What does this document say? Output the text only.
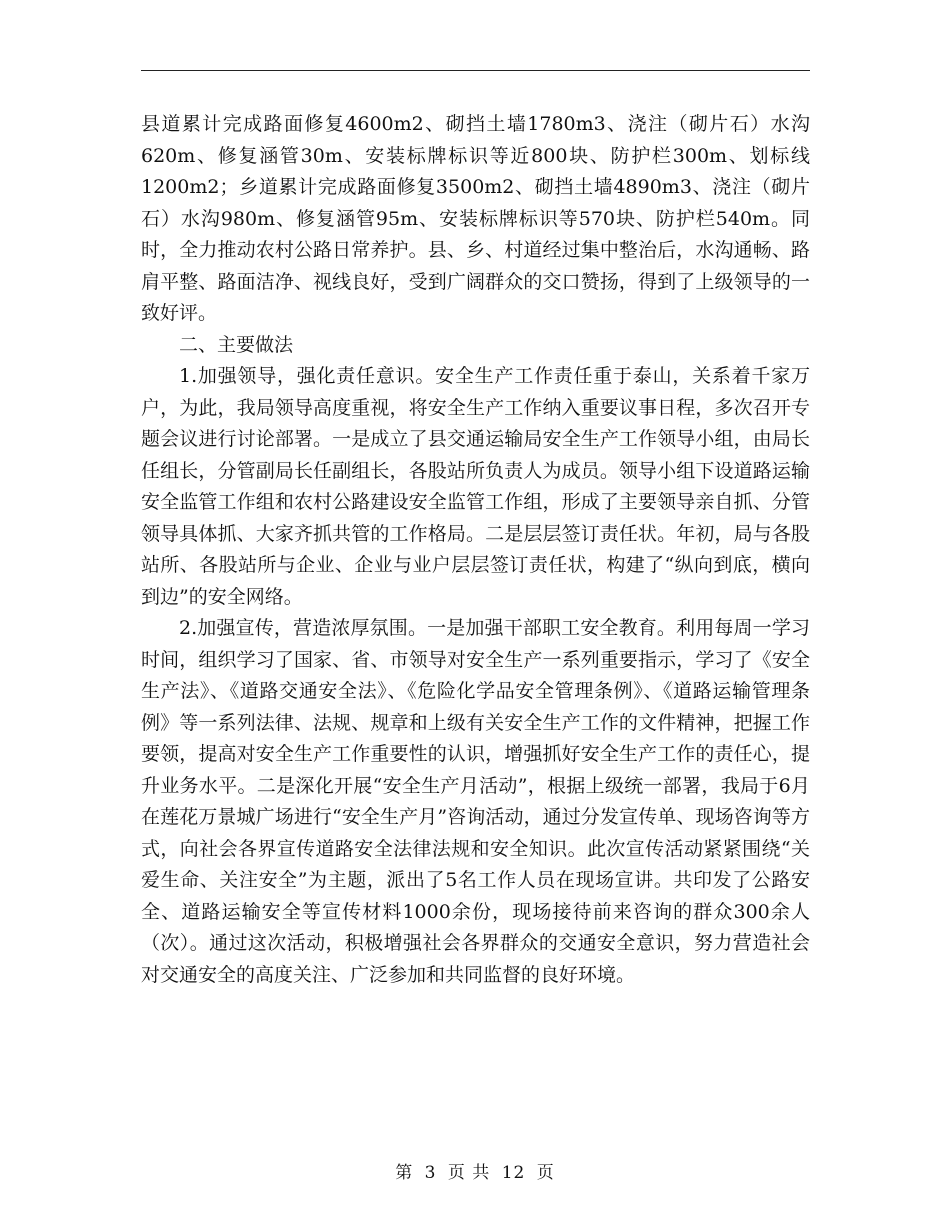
县道累计完成路面修复4600m2、砌挡土墙1780m3、浇注（砌片石）水沟620m、修复涵管30m、安装标牌标识等近800块、防护栏300m、划标线1200m2；乡道累计完成路面修复3500m2、砌挡土墙4890m3、浇注（砌片石）水沟980m、修复涵管95m、安装标牌标识等570块、防护栏540m。同时，全力推动农村公路日常养护。县、乡、村道经过集中整治后，水沟通畅、路肩平整、路面洁净、视线良好，受到广阔群众的交口赞扬，得到了上级领导的一致好评。

二、主要做法

1.加强领导，强化责任意识。安全生产工作责任重于泰山，关系着千家万户，为此，我局领导高度重视，将安全生产工作纳入重要议事日程，多次召开专题会议进行讨论部署。一是成立了县交通运输局安全生产工作领导小组，由局长任组长，分管副局长任副组长，各股站所负责人为成员。领导小组下设道路运输安全监管工作组和农村公路建设安全监管工作组，形成了主要领导亲自抓、分管领导具体抓、大家齐抓共管的工作格局。二是层层签订责任状。年初，局与各股站所、各股站所与企业、企业与业户层层签订责任状，构建了“纵向到底，横向到边”的安全网络。

2.加强宣传，营造浓厚氛围。一是加强干部职工安全教育。利用每周一学习时间，组织学习了国家、省、市领导对安全生产一系列重要指示，学习了《安全生产法》、《道路交通安全法》、《危险化学品安全管理条例》、《道路运输管理条例》等一系列法律、法规、规章和上级有关安全生产工作的文件精神，把握工作要领，提高对安全生产工作重要性的认识，增强抓好安全生产工作的责任心，提升业务水平。二是深化开展“安全生产月活动”，根据上级统一部署，我局于6月在莲花万景城广场进行“安全生产月”咨询活动，通过分发宣传单、现场咨询等方式，向社会各界宣传道路安全法律法规和安全知识。此次宣传活动紧紧围绕“关爱生命、关注安全”为主题，派出了5名工作人员在现场宣讲。共印发了公路安全、道路运输安全等宣传材料1000余份，现场接待前来咨询的群众300余人（次）。通过这次活动，积极增强社会各界群众的交通安全意识，努力营造社会对交通安全的高度关注、广泛参加和共同监督的良好环境。

第 3 页 共 12 页
